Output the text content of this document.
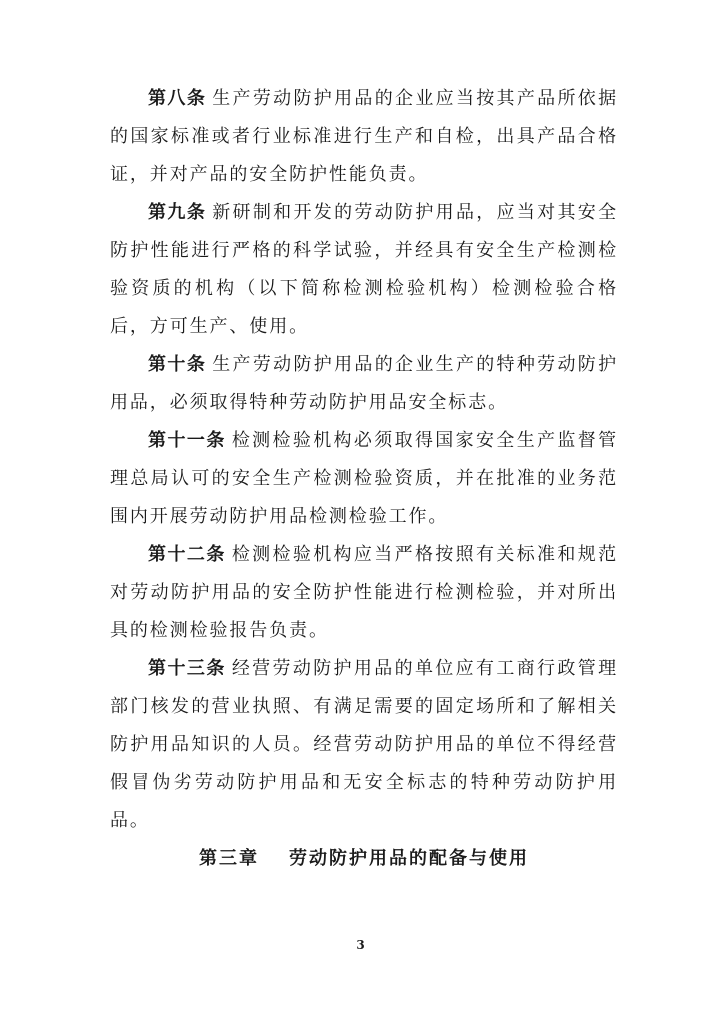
第八条 生产劳动防护用品的企业应当按其产品所依据的国家标准或者行业标准进行生产和自检，出具产品合格证，并对产品的安全防护性能负责。

第九条 新研制和开发的劳动防护用品，应当对其安全防护性能进行严格的科学试验，并经具有安全生产检测检验资质的机构（以下简称检测检验机构）检测检验合格后，方可生产、使用。

第十条 生产劳动防护用品的企业生产的特种劳动防护用品，必须取得特种劳动防护用品安全标志。

第十一条 检测检验机构必须取得国家安全生产监督管理总局认可的安全生产检测检验资质，并在批准的业务范围内开展劳动防护用品检测检验工作。

第十二条 检测检验机构应当严格按照有关标准和规范对劳动防护用品的安全防护性能进行检测检验，并对所出具的检测检验报告负责。

第十三条 经营劳动防护用品的单位应有工商行政管理部门核发的营业执照、有满足需要的固定场所和了解相关防护用品知识的人员。经营劳动防护用品的单位不得经营假冒伪劣劳动防护用品和无安全标志的特种劳动防护用品。

第三章 劳动防护用品的配备与使用
3
